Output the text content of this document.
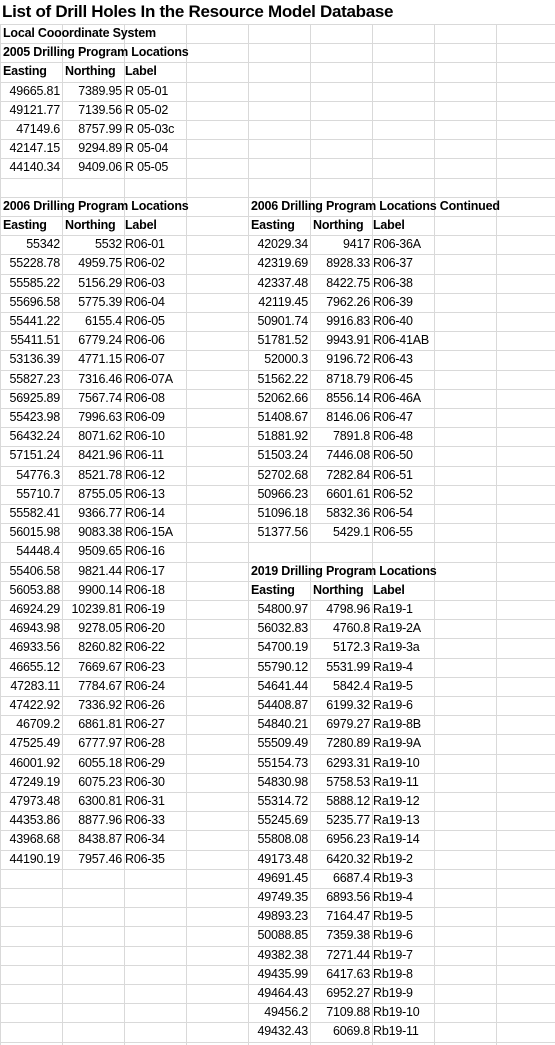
List of Drill Holes In the Resource Model Database
Local Cooordinate System
2005 Drilling Program Locations
Easting	Northing Label
49665.81	7389.95 R 05-01
49121.77	7139.56 R 05-02
47149.6	8757.99 R 05-03c
42147.15	9294.89 R 05-04
44140.34	9409.06 R 05-05
2006 Drilling Program Locations
Easting	Northing Label
55342	5532 R06-01
55228.78	4959.75 R06-02
55585.22	5156.29 R06-03
55696.58	5775.39 R06-04
55441.22	6155.4 R06-05
55411.51	6779.24 R06-06
53136.39	4771.15 R06-07
55827.23	7316.46 R06-07A
56925.89	7567.74 R06-08
55423.98	7996.63 R06-09
56432.24	8071.62 R06-10
57151.24	8421.96 R06-11
54776.3	8521.78 R06-12
55710.7	8755.05 R06-13
55582.41	9366.77 R06-14
56015.98	9083.38 R06-15A
54448.4	9509.65 R06-16
55406.58	9821.44 R06-17
56053.88	9900.14 R06-18
46924.29 10239.81 R06-19
46943.98	9278.05 R06-20
46933.56	8260.82 R06-22
46655.12	7669.67 R06-23
47283.11	7784.67 R06-24
47422.92	7336.92 R06-26
46709.2	6861.81 R06-27
47525.49	6777.97 R06-28
46001.92	6055.18 R06-29
47249.19	6075.23 R06-30
47973.48	6300.81 R06-31
44353.86	8877.96 R06-33
43968.68	8438.87 R06-34
44190.19	7957.46 R06-35
2006 Drilling Program Locations Continued
Easting	Northing Label
42029.34	9417 R06-36A
42319.69	8928.33 R06-37
42337.48	8422.75 R06-38
42119.45	7962.26 R06-39
50901.74	9916.83 R06-40
51781.52	9943.91 R06-41AB
52000.3	9196.72 R06-43
51562.22	8718.79 R06-45
52062.66	8556.14 R06-46A
51408.67	8146.06 R06-47
51881.92	7891.8 R06-48
51503.24	7446.08 R06-50
52702.68	7282.84 R06-51
50966.23	6601.61 R06-52
51096.18	5832.36 R06-54
51377.56	5429.1 R06-55
2019 Drilling Program Locations
Easting	Northing Label
54800.97	4798.96 Ra19-1
56032.83	4760.8 Ra19-2A
54700.19	5172.3 Ra19-3a
55790.12	5531.99 Ra19-4
54641.44	5842.4 Ra19-5
54408.87	6199.32 Ra19-6
54840.21	6979.27 Ra19-8B
55509.49	7280.89 Ra19-9A
55154.73	6293.31 Ra19-10
54830.98	5758.53 Ra19-11
55314.72	5888.12 Ra19-12
55245.69	5235.77 Ra19-13
55808.08	6956.23 Ra19-14
49173.48	6420.32 Rb19-2
49691.45	6687.4 Rb19-3
49749.35	6893.56 Rb19-4
49893.23	7164.47 Rb19-5
50088.85	7359.38 Rb19-6
49382.38	7271.44 Rb19-7
49435.99	6417.63 Rb19-8
49464.43	6952.27 Rb19-9
49456.2	7109.88 Rb19-10
49432.43	6069.8 Rb19-11
